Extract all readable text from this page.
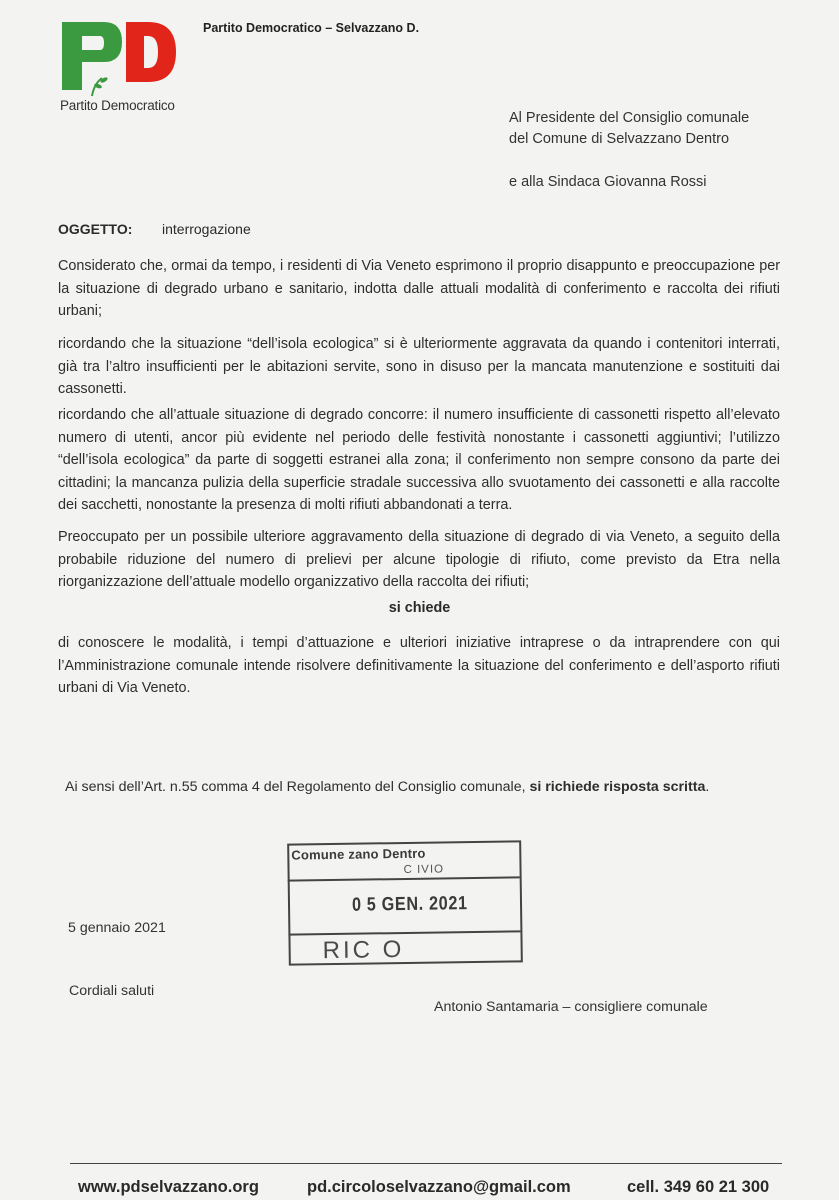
Partito Democratico
Partito Democratico – Selvazzano D.
Al Presidente del Consiglio comunale
del Comune di Selvazzano Dentro
e alla Sindaca Giovanna Rossi
OGGETTO: interrogazione
Considerato che, ormai da tempo, i residenti di Via Veneto esprimono il proprio disappunto e preoccupazione per la situazione di degrado urbano e sanitario, indotta dalle attuali modalità di conferimento e raccolta dei rifiuti urbani;
ricordando che la situazione “dell’isola ecologica” si è ulteriormente aggravata da quando i contenitori interrati, già tra l’altro insufficienti per le abitazioni servite, sono in disuso per la mancata manutenzione e sostituiti dai cassonetti.
ricordando che all’attuale situazione di degrado concorre: il numero insufficiente di cassonetti rispetto all’elevato numero di utenti, ancor più evidente nel periodo delle festività nonostante i cassonetti aggiuntivi; l’utilizzo “dell’isola ecologica” da parte di soggetti estranei alla zona; il conferimento non sempre consono da parte dei cittadini; la mancanza pulizia della superficie stradale successiva allo svuotamento dei cassonetti e alla raccolte dei sacchetti, nonostante la presenza di molti rifiuti abbandonati a terra.
Preoccupato per un possibile ulteriore aggravamento della situazione di degrado di via Veneto, a seguito della probabile riduzione del numero di prelievi per alcune tipologie di rifiuto, come previsto da Etra nella riorganizzazione dell’attuale modello organizzativo della raccolta dei rifiuti;
si chiede
di conoscere le modalità, i tempi d’attuazione e ulteriori iniziative intraprese o da intraprendere con qui l’Amministrazione comunale intende risolvere definitivamente la situazione del conferimento e dell’asporto rifiuti urbani di Via Veneto.
Ai sensi dell’Art. n.55 comma 4 del Regolamento del Consiglio comunale, si richiede risposta scritta.
Comune zano Dentro
C IVIO
0 5 GEN. 2021
RIC O
5 gennaio 2021
Cordiali saluti
Antonio Santamaria – consigliere comunale
www.pdselvazzano.org	pd.circoloselvazzano@gmail.com	cell. 349 60 21 300
